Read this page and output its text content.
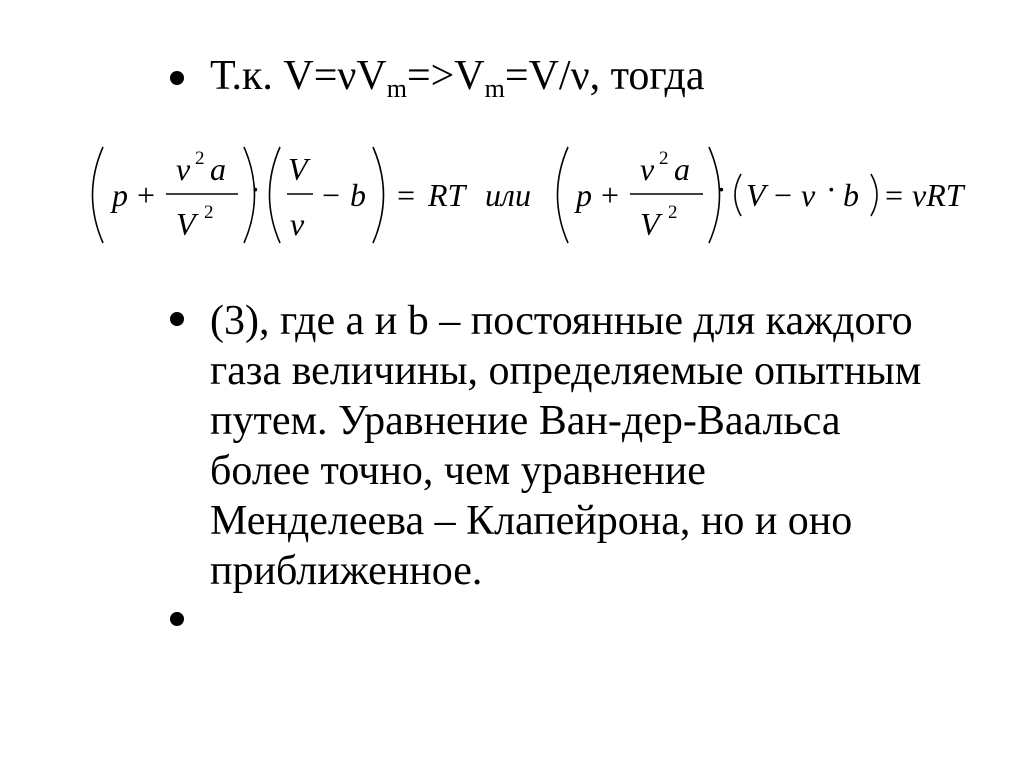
Т.к. $V=\nu V_m=>V_m=V/\nu$, тогда
p +
ν 2 a
V 2
·
V
ν
− b = RT или p +
ν 2 a
V 2
· V − ν · b = νRT
(3), где a и b – постоянные для каждого
газа величины, определяемые опытным
путем. Уравнение Ван-дер-Ваальса
более точно, чем уравнение
Менделеева – Клапейрона, но и оно
приближенное.
